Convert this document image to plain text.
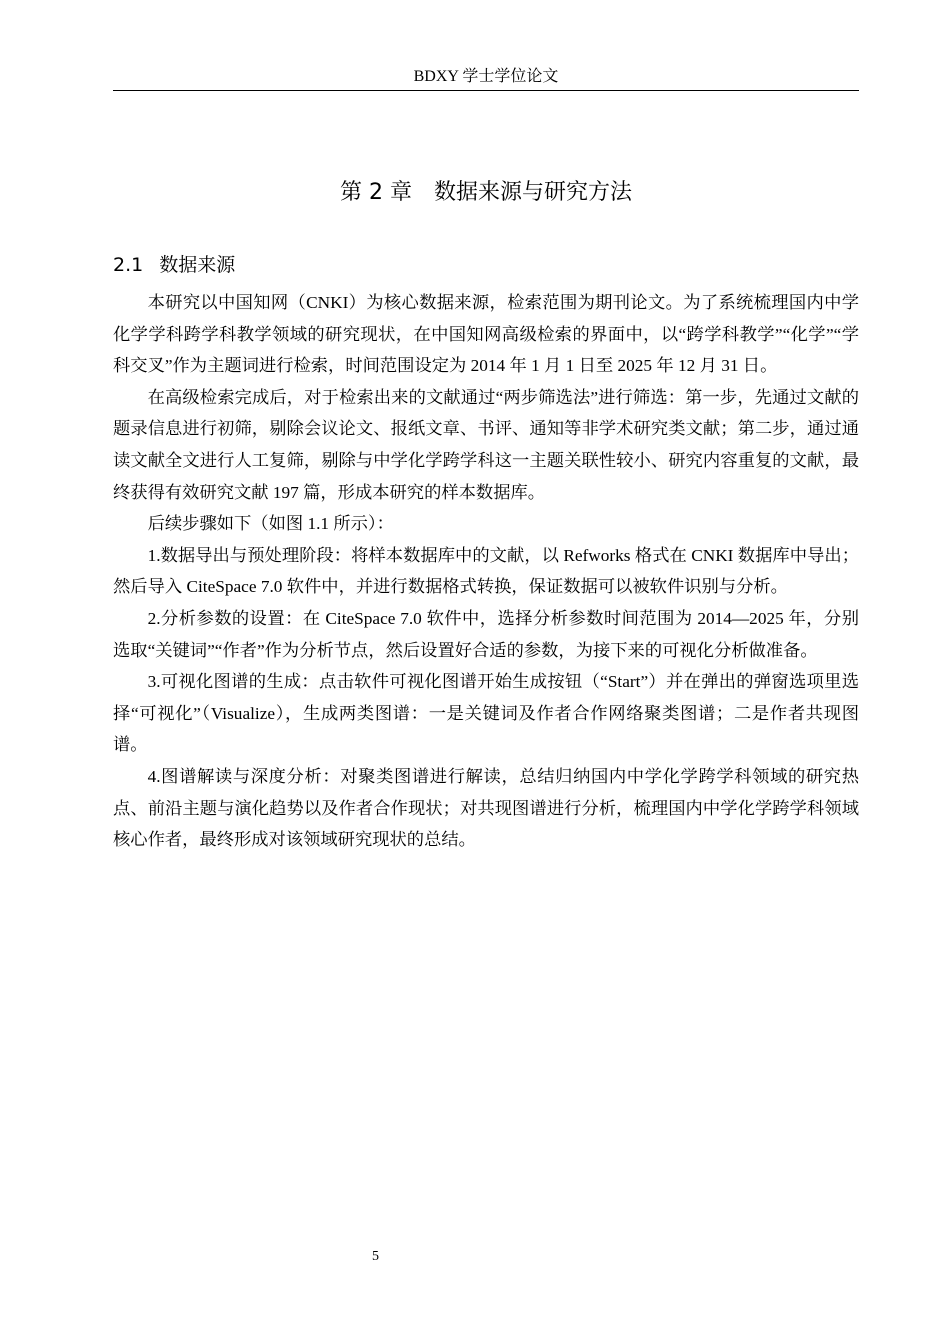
BDXY 学士学位论文
第 2 章 数据来源与研究方法
2.1 数据来源

本研究以中国知网（CNKI）为核心数据来源，检索范围为期刊论文。为了系统梳理国内中学化学学科跨学科教学领域的研究现状，在中国知网高级检索的界面中，以“跨学科教学”“化学”“学科交叉”作为主题词进行检索，时间范围设定为 2014 年 1 月 1 日至 2025 年 12 月 31 日。

在高级检索完成后，对于检索出来的文献通过“两步筛选法”进行筛选：第一步，先通过文献的题录信息进行初筛，剔除会议论文、报纸文章、书评、通知等非学术研究类文献；第二步，通过通读文献全文进行人工复筛，剔除与中学化学跨学科这一主题关联性较小、研究内容重复的文献，最终获得有效研究文献 197 篇，形成本研究的样本数据库。

后续步骤如下（如图 1.1 所示）：

1.数据导出与预处理阶段：将样本数据库中的文献，以 Refworks 格式在 CNKI 数据库中导出；然后导入 CiteSpace 7.0 软件中，并进行数据格式转换，保证数据可以被软件识别与分析。

2.分析参数的设置：在 CiteSpace 7.0 软件中，选择分析参数时间范围为 2014—2025 年，分别选取“关键词”“作者”作为分析节点，然后设置好合适的参数，为接下来的可视化分析做准备。

3.可视化图谱的生成：点击软件可视化图谱开始生成按钮（“Start”）并在弹出的弹窗选项里选择“可视化”（Visualize），生成两类图谱：一是关键词及作者合作网络聚类图谱；二是作者共现图谱。

4.图谱解读与深度分析：对聚类图谱进行解读，总结归纳国内中学化学跨学科领域的研究热点、前沿主题与演化趋势以及作者合作现状；对共现图谱进行分析，梳理国内中学化学跨学科领域核心作者，最终形成对该领域研究现状的总结。

5
